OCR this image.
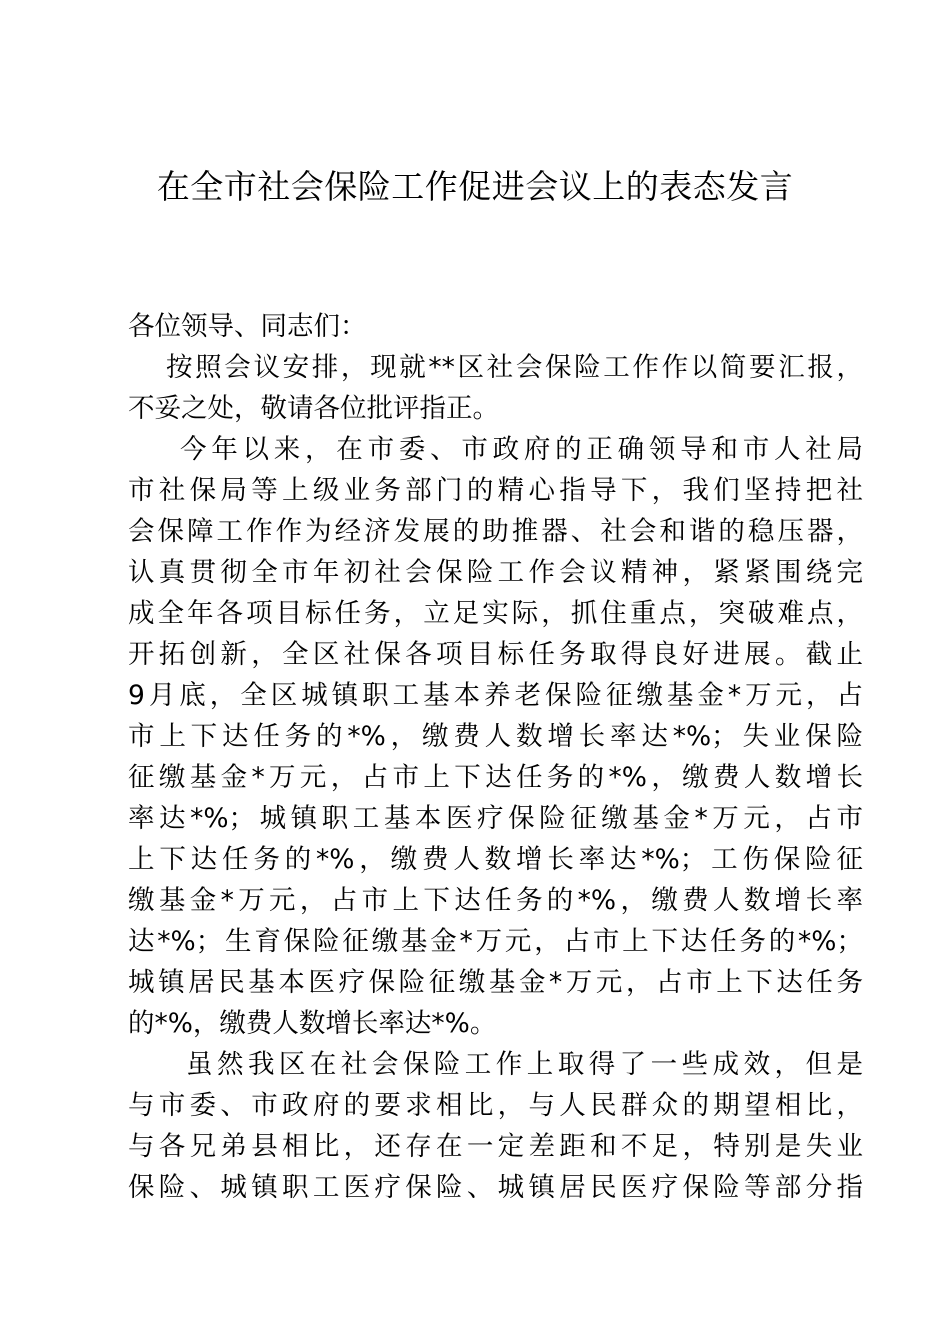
在全市社会保险工作促进会议上的表态发言
各位领导、同志们：
按照会议安排，现就**区社会保险工作作以简要汇报，
不妥之处，敬请各位批评指正。
今年以来，在市委、市政府的正确领导和市人社局
市社保局等上级业务部门的精心指导下，我们坚持把社
会保障工作作为经济发展的助推器、社会和谐的稳压器，
认真贯彻全市年初社会保险工作会议精神，紧紧围绕完
成全年各项目标任务，立足实际，抓住重点，突破难点，
开拓创新，全区社保各项目标任务取得良好进展。截止
9月底，全区城镇职工基本养老保险征缴基金*万元，占
市上下达任务的*%，缴费人数增长率达*%；失业保险
征缴基金*万元，占市上下达任务的*%，缴费人数增长
率达*%；城镇职工基本医疗保险征缴基金*万元，占市
上下达任务的*%，缴费人数增长率达*%；工伤保险征
缴基金*万元，占市上下达任务的*%，缴费人数增长率
达*%；生育保险征缴基金*万元，占市上下达任务的*%；
城镇居民基本医疗保险征缴基金*万元，占市上下达任务
的*%，缴费人数增长率达*%。
虽然我区在社会保险工作上取得了一些成效，但是
与市委、市政府的要求相比，与人民群众的期望相比，
与各兄弟县相比，还存在一定差距和不足，特别是失业
保险、城镇职工医疗保险、城镇居民医疗保险等部分指
